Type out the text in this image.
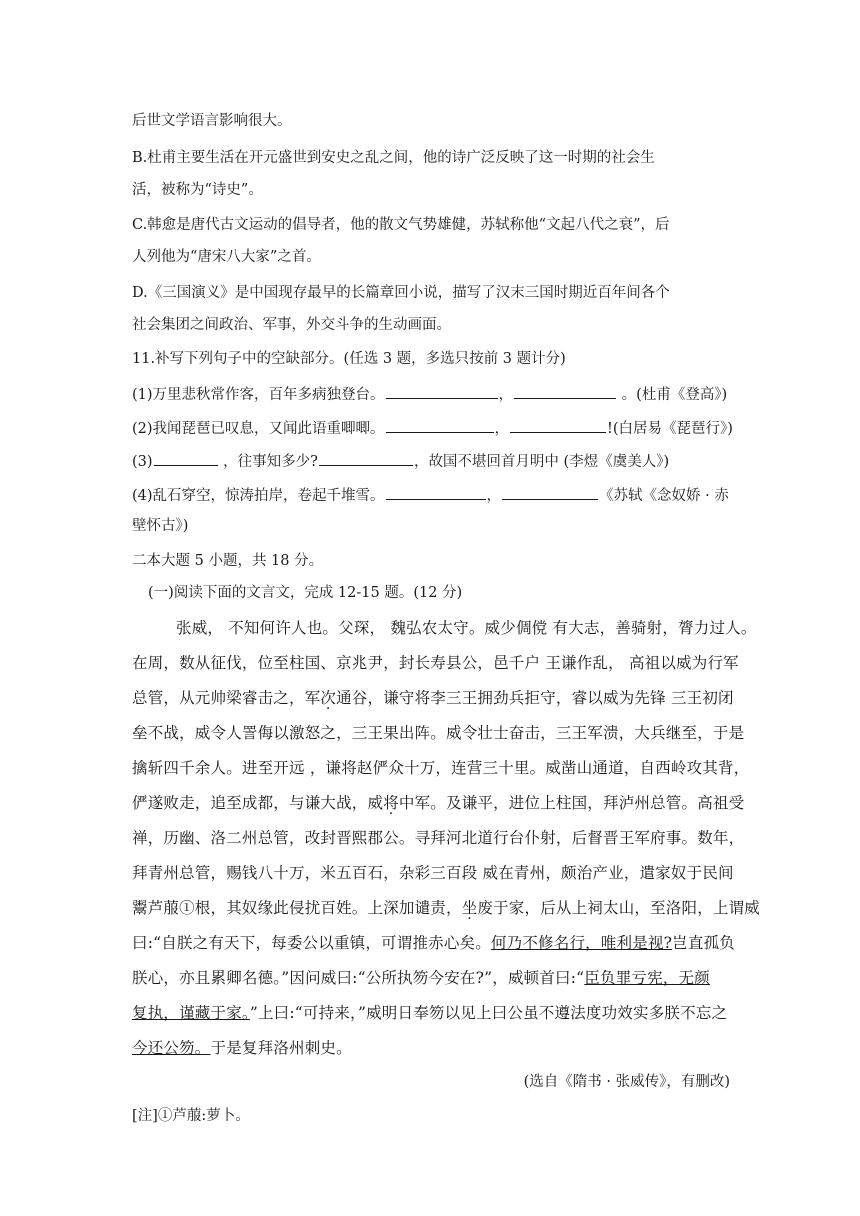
后世文学语言影响很大。
B.杜甫主要生活在开元盛世到安史之乱之间，他的诗广泛反映了这一时期的社会生
活，被称为“诗史”。
C.韩愈是唐代古文运动的倡导者，他的散文气势雄健，苏轼称他“文起八代之衰”，后
人列他为“唐宋八大家”之首。
D.《三国演义》是中国现存最早的长篇章回小说，描写了汉末三国时期近百年间各个
社会集团之间政治、军事，外交斗争的生动画面。
11.补写下列句子中的空缺部分。(任选 3 题，多选只按前 3 题计分)
(1)万里悲秋常作客，百年多病独登台。	，	。(杜甫《登高》)
(2)我闻琵琶已叹息，又闻此语重唧唧。	，	!(白居易《琵琶行》)
(3)	，往事知多少?	，故国不堪回首月明中 (李煜《虞美人》)
(4)乱石穿空，惊涛拍岸，卷起千堆雪。	，	《苏轼《念奴娇 · 赤
壁怀古》)
二本大题 5 小题，共 18 分。
(一)阅读下面的文言文，完成 12-15 题。(12 分)
张威， 不知何许人也。父琛， 魏弘农太守。威少倜傥 有大志，善骑射，膂力过人。
在周，数从征伐，位至柱国、京兆尹，封长寿县公，邑千户 王谦作乱， 高祖以威为行军
总管，从元帅梁睿击之，军次通谷，谦守将李三王拥劲兵拒守，睿以威为先锋 三王初闭
垒不战，威令人詈侮以激怒之，三王果出阵。威令壮士奋击，三王军溃，大兵继至，于是
擒斩四千余人。进至开远 ，谦将赵俨众十万，连营三十里。威凿山通道，自西岭攻其背，
俨遂败走，追至成都，与谦大战，威将中军。及谦平，进位上柱国，拜泸州总管。高祖受
禅，历幽、洛二州总管，改封晋熙郡公。寻拜河北道行台仆射，后督晋王军府事。数年，
拜青州总管，赐钱八十万，米五百石，杂彩三百段 威在青州，颇治产业，遣家奴于民间
鬻芦菔①根，其奴缘此侵扰百姓。上深加谴责，坐废于家，后从上祠太山，至洛阳，上谓威
曰:“自朕之有天下，每委公以重镇，可谓推赤心矣。何乃不修名行，唯利是视?岂直孤负
朕心，亦且累卿名德。”因问威曰:“公所执笏今安在?”，威顿首曰:“臣负罪亏宪，无颜
复执，谨藏于家。”上曰:“可持来，”威明日奉笏以见上曰公虽不遵法度功效实多朕不忘之
今还公笏。于是复拜洛州刺史。
(选自《隋书 · 张威传》，有删改)
[注]①芦菔:萝卜。
